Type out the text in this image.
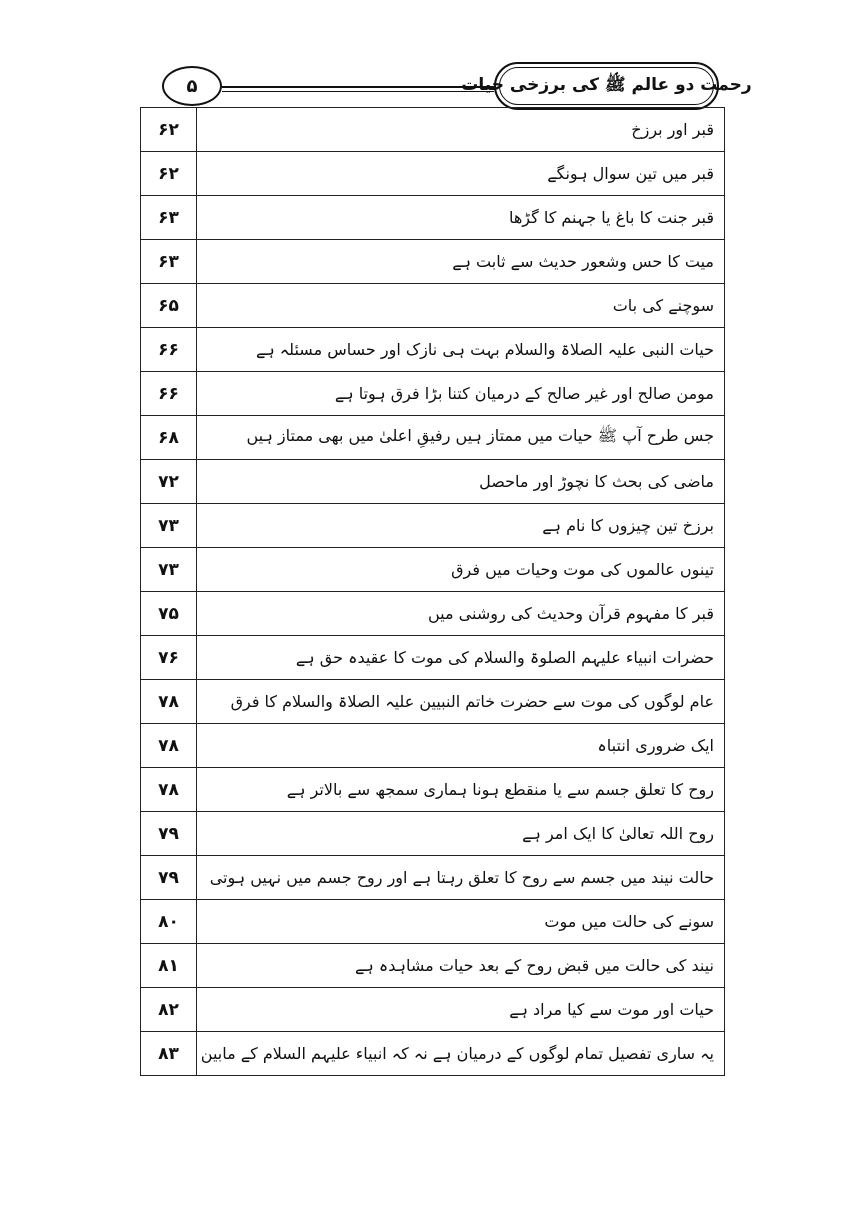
۵	رحمت دو عالم ﷺ کی برزخی حیات
۶۲	قبر اور برزخ
۶۲	قبر میں تین سوال ہونگے
۶۳	قبر جنت کا باغ یا جہنم کا گڑھا
۶۳	میت کا حس وشعور حدیث سے ثابت ہے
۶۵	سوچنے کی بات
۶۶	حیات النبی علیہ الصلاۃ والسلام بہت ہی نازک اور حساس مسئلہ ہے
۶۶	مومن صالح اور غیر صالح کے درمیان کتنا بڑا فرق ہوتا ہے
۶۸	جس طرح آپ ﷺ حیات میں ممتاز ہیں رفیقِ اعلیٰ میں بھی ممتاز ہیں
۷۲	ماضی کی بحث کا نچوڑ اور ماحصل
۷۳	برزخ تین چیزوں کا نام ہے
۷۳	تینوں عالموں کی موت وحیات میں فرق
۷۵	قبر کا مفہوم قرآن وحدیث کی روشنی میں
۷۶	حضرات انبیاء علیہم الصلوۃ والسلام کی موت کا عقیدہ حق ہے
۷۸	عام لوگوں کی موت سے حضرت خاتم النبیین علیہ الصلاۃ والسلام کا فرق
۷۸	ایک ضروری انتباہ
۷۸	روح کا تعلق جسم سے یا منقطع ہونا ہماری سمجھ سے بالاتر ہے
۷۹	روح اللہ تعالیٰ کا ایک امر ہے
۷۹	حالت نیند میں جسم سے روح کا تعلق رہتا ہے اور روح جسم میں نہیں ہوتی
۸۰	سونے کی حالت میں موت
۸۱	نیند کی حالت میں قبض روح کے بعد حیات مشاہدہ ہے
۸۲	حیات اور موت سے کیا مراد ہے
۸۳	یہ ساری تفصیل تمام لوگوں کے درمیان ہے نہ کہ انبیاء علیہم السلام کے مابین
